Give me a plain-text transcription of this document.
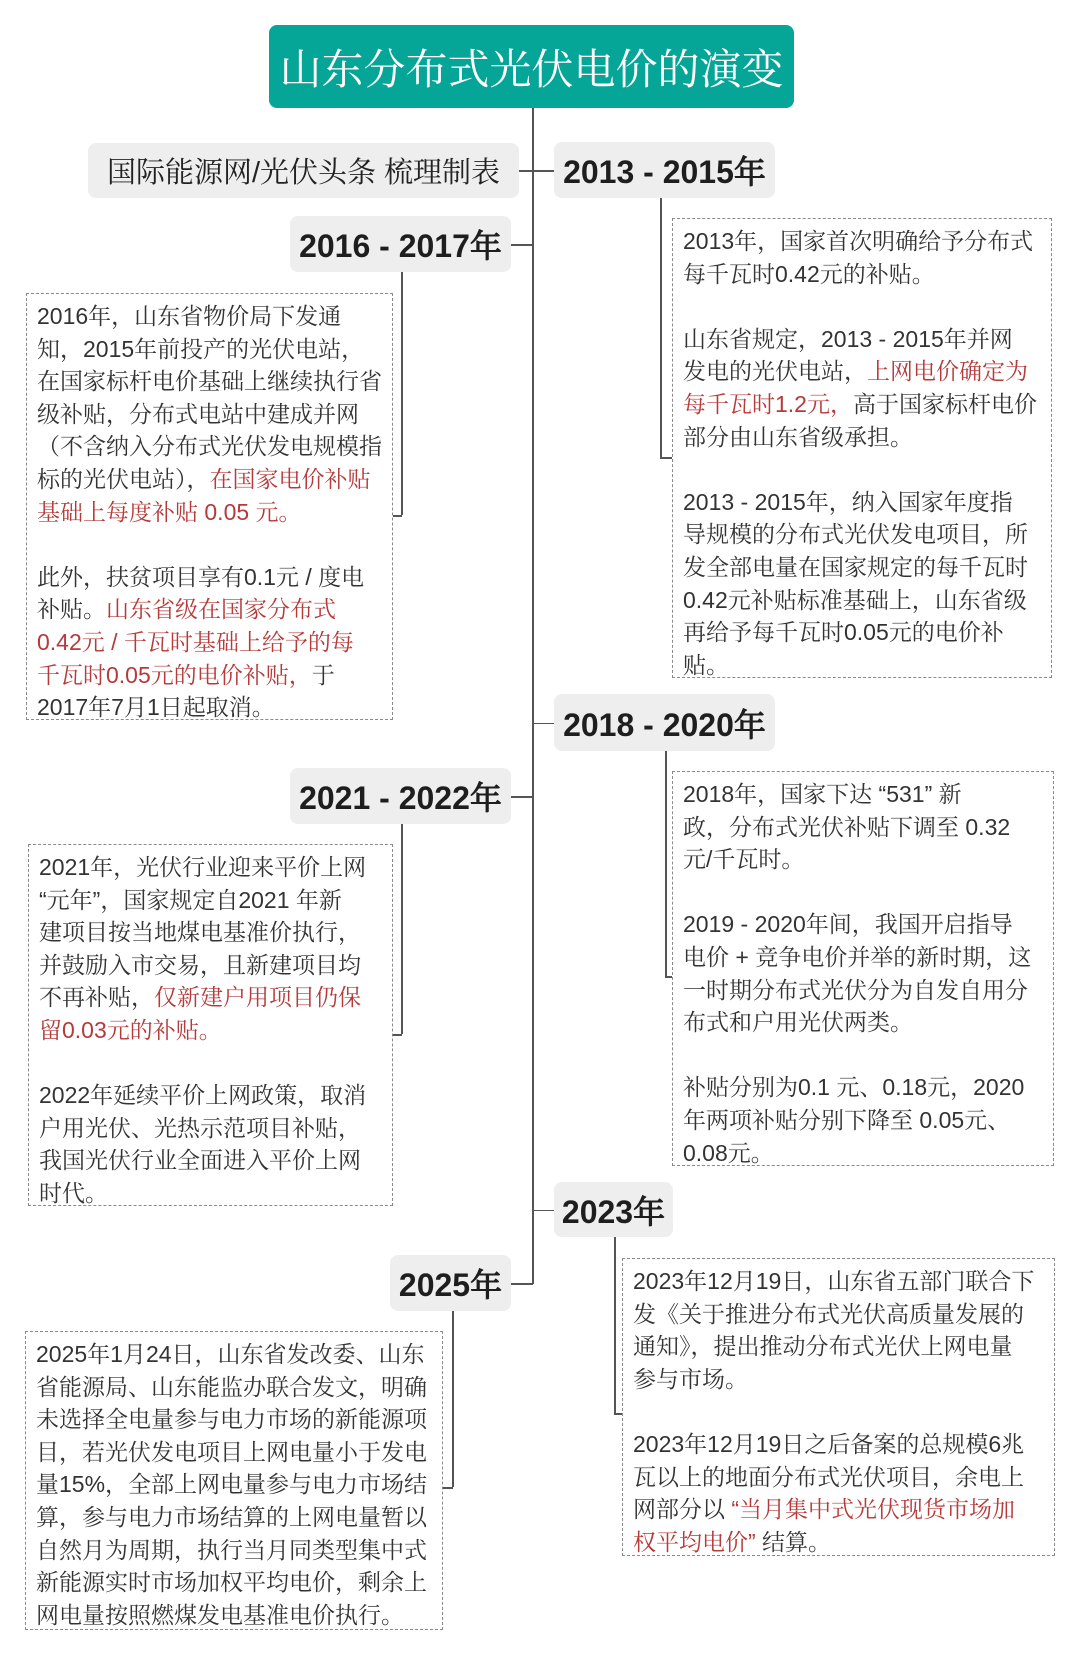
山东分布式光伏电价的演变
国际能源网/光伏头条 梳理制表	2013 - 2015年
2013年，国家首次明确给予分布式
每千瓦时0.42元的补贴。
山东省规定，2013 - 2015年并网
发电的光伏电站，上网电价确定为
每千瓦时1.2元，高于国家标杆电价
部分由山东省级承担。
2013 - 2015年，纳入国家年度指
导规模的分布式光伏发电项目，所
发全部电量在国家规定的每千瓦时
0.42元补贴标准基础上，山东省级
再给予每千瓦时0.05元的电价补
贴。
2016 - 2017年
2016年，山东省物价局下发通
知，2015年前投产的光伏电站，
在国家标杆电价基础上继续执行省
级补贴，分布式电站中建成并网
（不含纳入分布式光伏发电规模指
标的光伏电站），在国家电价补贴
基础上每度补贴 0.05 元。
此外，扶贫项目享有0.1元 / 度电
补贴。山东省级在国家分布式
0.42元 / 千瓦时基础上给予的每
千瓦时0.05元的电价补贴，于
2017年7月1日起取消。	2018 - 2020年
2018年，国家下达 “531” 新
政，分布式光伏补贴下调至 0.32
元/千瓦时。
2019 - 2020年间，我国开启指导
电价 + 竞争电价并举的新时期，这
一时期分布式光伏分为自发自用分
布式和户用光伏两类。
补贴分别为0.1 元、0.18元，2020
年两项补贴分别下降至 0.05元、
0.08元。
2021 - 2022年
2021年，光伏行业迎来平价上网
“元年”，国家规定自2021 年新
建项目按当地煤电基准价执行，
并鼓励入市交易，且新建项目均
不再补贴，仅新建户用项目仍保
留0.03元的补贴。
2022年延续平价上网政策，取消
户用光伏、光热示范项目补贴，
我国光伏行业全面进入平价上网
时代。
2023年
2023年12月19日，山东省五部门联合下
发《关于推进分布式光伏高质量发展的
通知》，提出推动分布式光伏上网电量
参与市场。
2023年12月19日之后备案的总规模6兆
瓦以上的地面分布式光伏项目，余电上
网部分以 “当月集中式光伏现货市场加
权平均电价” 结算。
2025年
2025年1月24日，山东省发改委、山东
省能源局、山东能监办联合发文，明确
未选择全电量参与电力市场的新能源项
目，若光伏发电项目上网电量小于发电
量15%，全部上网电量参与电力市场结
算，参与电力市场结算的上网电量暂以
自然月为周期，执行当月同类型集中式
新能源实时市场加权平均电价，剩余上
网电量按照燃煤发电基准电价执行。
